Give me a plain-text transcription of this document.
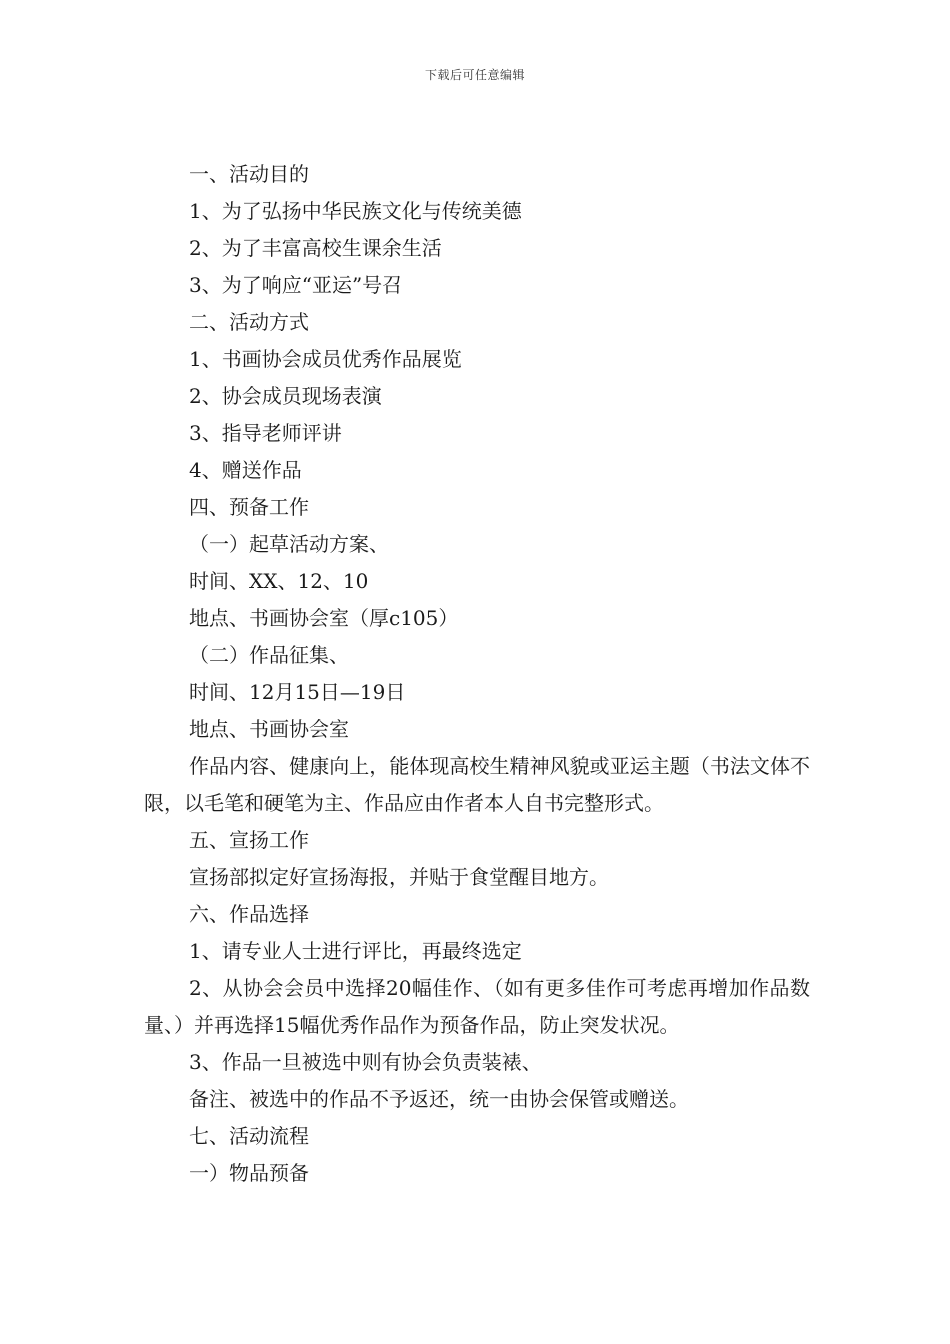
下载后可任意编辑

一、活动目的

1、为了弘扬中华民族文化与传统美德

2、为了丰富高校生课余生活

3、为了响应“亚运”号召

二、活动方式

1、书画协会成员优秀作品展览

2、协会成员现场表演

3、指导老师评讲

4、赠送作品

四、预备工作

（一）起草活动方案、

时间、XX、12、10

地点、书画协会室（厚c105）

（二）作品征集、

时间、12月15日—19日

地点、书画协会室

作品内容、健康向上，能体现高校生精神风貌或亚运主题（书法文体不限，以毛笔和硬笔为主、作品应由作者本人自书完整形式。

五、宣扬工作

宣扬部拟定好宣扬海报，并贴于食堂醒目地方。

六、作品选择

1、请专业人士进行评比，再最终选定

2、从协会会员中选择20幅佳作、（如有更多佳作可考虑再增加作品数量、）并再选择15幅优秀作品作为预备作品，防止突发状况。

3、作品一旦被选中则有协会负责装裱、

备注、被选中的作品不予返还，统一由协会保管或赠送。

七、活动流程

一）物品预备
